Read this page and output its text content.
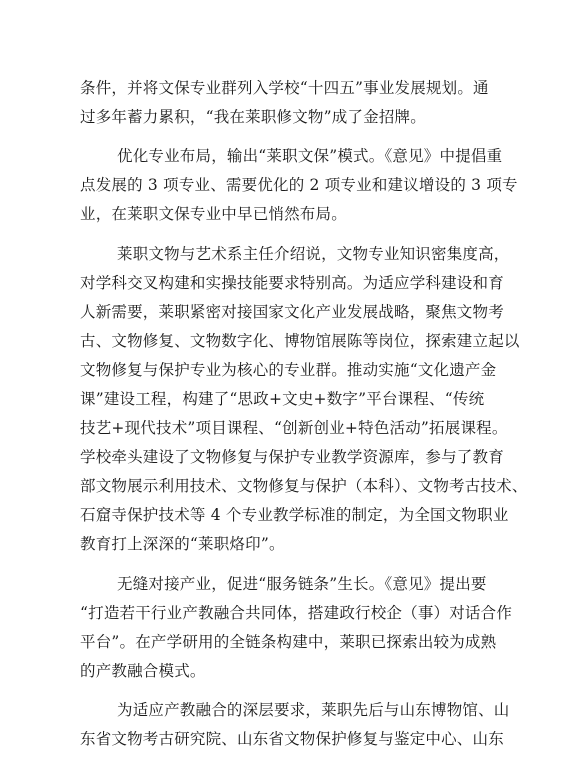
条件，并将文保专业群列入学校“十四五”事业发展规划。通
过多年蓄力累积，“我在莱职修文物”成了金招牌。
优化专业布局，输出“莱职文保”模式。《意见》中提倡重
点发展的 3 项专业、需要优化的 2 项专业和建议增设的 3 项专
业，在莱职文保专业中早已悄然布局。
莱职文物与艺术系主任介绍说，文物专业知识密集度高，
对学科交叉构建和实操技能要求特别高。为适应学科建设和育
人新需要，莱职紧密对接国家文化产业发展战略，聚焦文物考
古、文物修复、文物数字化、博物馆展陈等岗位，探索建立起以
文物修复与保护专业为核心的专业群。推动实施“文化遗产金
课”建设工程，构建了“思政+文史+数字”平台课程、“传统
技艺+现代技术”项目课程、“创新创业+特色活动”拓展课程。
学校牵头建设了文物修复与保护专业教学资源库，参与了教育
部文物展示利用技术、文物修复与保护（本科）、文物考古技术、
石窟寺保护技术等 4 个专业教学标准的制定，为全国文物职业
教育打上深深的“莱职烙印”。
无缝对接产业，促进“服务链条”生长。《意见》提出要
“打造若干行业产教融合共同体，搭建政行校企（事）对话合作
平台”。在产学研用的全链条构建中，莱职已探索出较为成熟
的产教融合模式。
为适应产教融合的深层要求，莱职先后与山东博物馆、山
东省文物考古研究院、山东省文物保护修复与鉴定中心、山东
